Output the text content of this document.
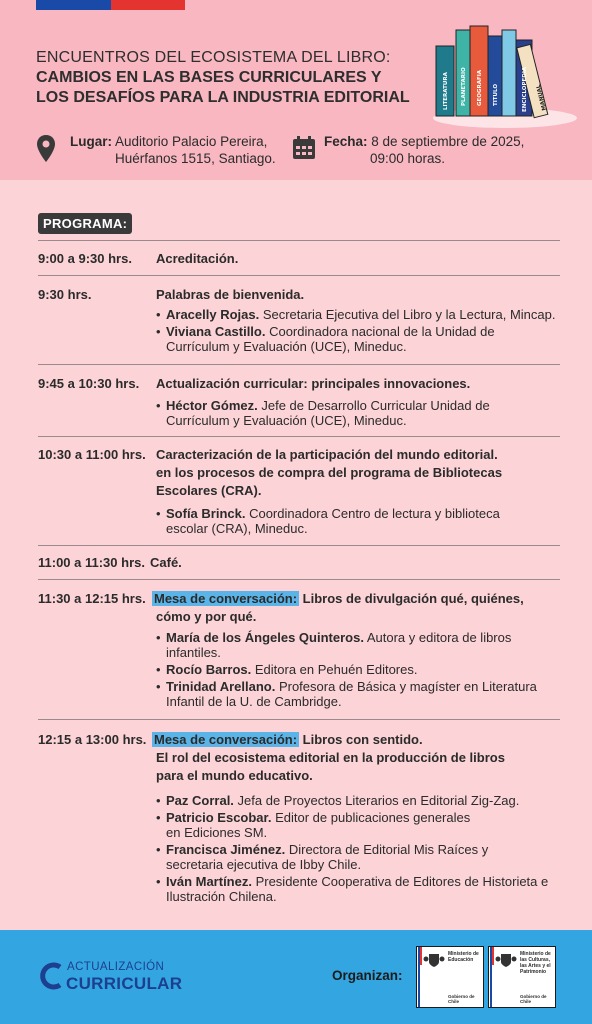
ENCUENTROS DEL ECOSISTEMA DEL LIBRO:
CAMBIOS EN LAS BASES CURRICULARES Y
LOS DESAFÍOS PARA LA INDUSTRIA EDITORIAL	LITERATURA PLANETARIO GEOGRAFIA TITULO	ENCICLOPEDIA MANUAL
Lugar: Auditorio Palacio Pereira,
Huérfanos 1515, Santiago.
Fecha: 8 de septiembre de 2025,
09:00 horas.
PROGRAMA:
9:00 a 9:30 hrs. Acreditación.
9:30 hrs.	Palabras de bienvenida.
• Aracelly Rojas. Secretaria Ejecutiva del Libro y la Lectura, Mincap.
• Viviana Castillo. Coordinadora nacional de la Unidad de Currículum y Evaluación (UCE), Mineduc.
9:45 a 10:30 hrs. Actualización curricular: principales innovaciones.
• Héctor Gómez. Jefe de Desarrollo Curricular Unidad de Currículum y Evaluación (UCE), Mineduc.
10:30 a 11:00 hrs. Caracterización de la participación del mundo editorial.
en los procesos de compra del programa de Bibliotecas
Escolares (CRA).
• Sofía Brinck. Coordinadora Centro de lectura y biblioteca escolar (CRA), Mineduc.
11:00 a 11:30 hrs. Café.
11:30 a 12:15 hrs. Mesa de conversación: Libros de divulgación qué, quiénes,
cómo y por qué.
• María de los Ángeles Quinteros. Autora y editora de libros infantiles.
• Rocío Barros. Editora en Pehuén Editores.
• Trinidad Arellano. Profesora de Básica y magíster en Literatura Infantil de la U. de Cambridge.
12:15 a 13:00 hrs. Mesa de conversación: Libros con sentido.
El rol del ecosistema editorial en la producción de libros
para el mundo educativo.
• Paz Corral. Jefa de Proyectos Literarios en Editorial Zig-Zag.
• Patricio Escobar. Editor de publicaciones generales en Ediciones SM.
• Francisca Jiménez. Directora de Editorial Mis Raíces y secretaria ejecutiva de Ibby Chile.
• Iván Martínez. Presidente Cooperativa de Editores de Historieta e Ilustración Chilena.
ACTUALIZACIÓN
CURRICULAR	Organizan:
Ministerio de Educación
Gobierno de Chile
Ministerio de las Culturas, las Artes y el Patrimonio
Gobierno de Chile
